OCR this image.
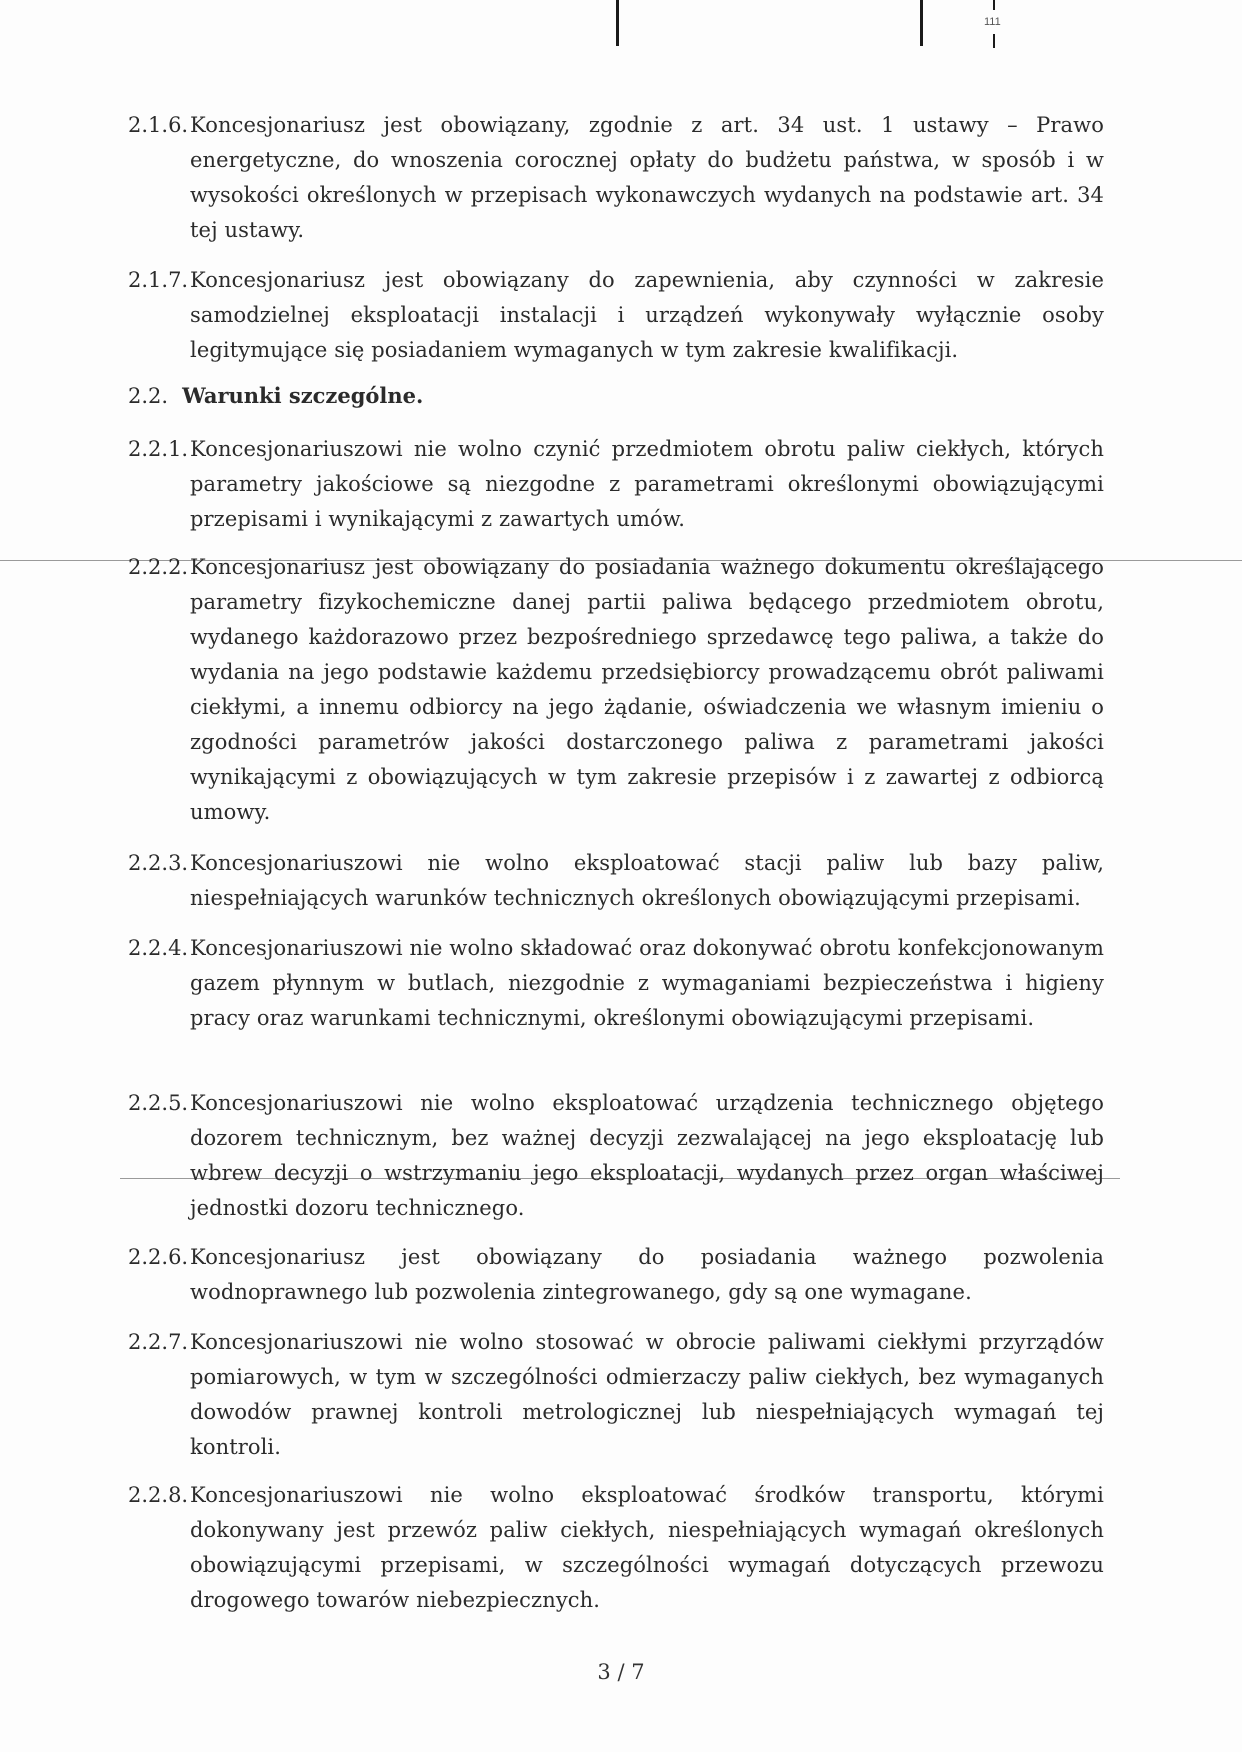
111
2.1.6. Koncesjonariusz jest obowiązany, zgodnie z art. 34 ust. 1 ustawy – Prawo energetyczne, do wnoszenia corocznej opłaty do budżetu państwa, w sposób i w wysokości określonych w przepisach wykonawczych wydanych na podstawie art. 34 tej ustawy.
2.1.7. Koncesjonariusz jest obowiązany do zapewnienia, aby czynności w zakresie samodzielnej eksploatacji instalacji i urządzeń wykonywały wyłącznie osoby legitymujące się posiadaniem wymaganych w tym zakresie kwalifikacji.
2.2. Warunki szczególne.
2.2.1. Koncesjonariuszowi nie wolno czynić przedmiotem obrotu paliw ciekłych, których parametry jakościowe są niezgodne z parametrami określonymi obowiązującymi przepisami i wynikającymi z zawartych umów.
2.2.2. Koncesjonariusz jest obowiązany do posiadania ważnego dokumentu określającego parametry fizykochemiczne danej partii paliwa będącego przedmiotem obrotu, wydanego każdorazowo przez bezpośredniego sprzedawcę tego paliwa, a także do wydania na jego podstawie każdemu przedsiębiorcy prowadzącemu obrót paliwami ciekłymi, a innemu odbiorcy na jego żądanie, oświadczenia we własnym imieniu o zgodności parametrów jakości dostarczonego paliwa z parametrami jakości wynikającymi z obowiązujących w tym zakresie przepisów i z zawartej z odbiorcą umowy.
2.2.3. Koncesjonariuszowi nie wolno eksploatować stacji paliw lub bazy paliw, niespełniających warunków technicznych określonych obowiązującymi przepisami.
2.2.4. Koncesjonariuszowi nie wolno składować oraz dokonywać obrotu konfekcjonowanym gazem płynnym w butlach, niezgodnie z wymaganiami bezpieczeństwa i higieny pracy oraz warunkami technicznymi, określonymi obowiązującymi przepisami.
2.2.5. Koncesjonariuszowi nie wolno eksploatować urządzenia technicznego objętego dozorem technicznym, bez ważnej decyzji zezwalającej na jego eksploatację lub wbrew decyzji o wstrzymaniu jego eksploatacji, wydanych przez organ właściwej jednostki dozoru technicznego.
2.2.6. Koncesjonariusz jest obowiązany do posiadania ważnego pozwolenia wodnoprawnego lub pozwolenia zintegrowanego, gdy są one wymagane.
2.2.7. Koncesjonariuszowi nie wolno stosować w obrocie paliwami ciekłymi przyrządów pomiarowych, w tym w szczególności odmierzaczy paliw ciekłych, bez wymaganych dowodów prawnej kontroli metrologicznej lub niespełniających wymagań tej kontroli.
2.2.8. Koncesjonariuszowi nie wolno eksploatować środków transportu, którymi dokonywany jest przewóz paliw ciekłych, niespełniających wymagań określonych obowiązującymi przepisami, w szczególności wymagań dotyczących przewozu drogowego towarów niebezpiecznych.
3 / 7
